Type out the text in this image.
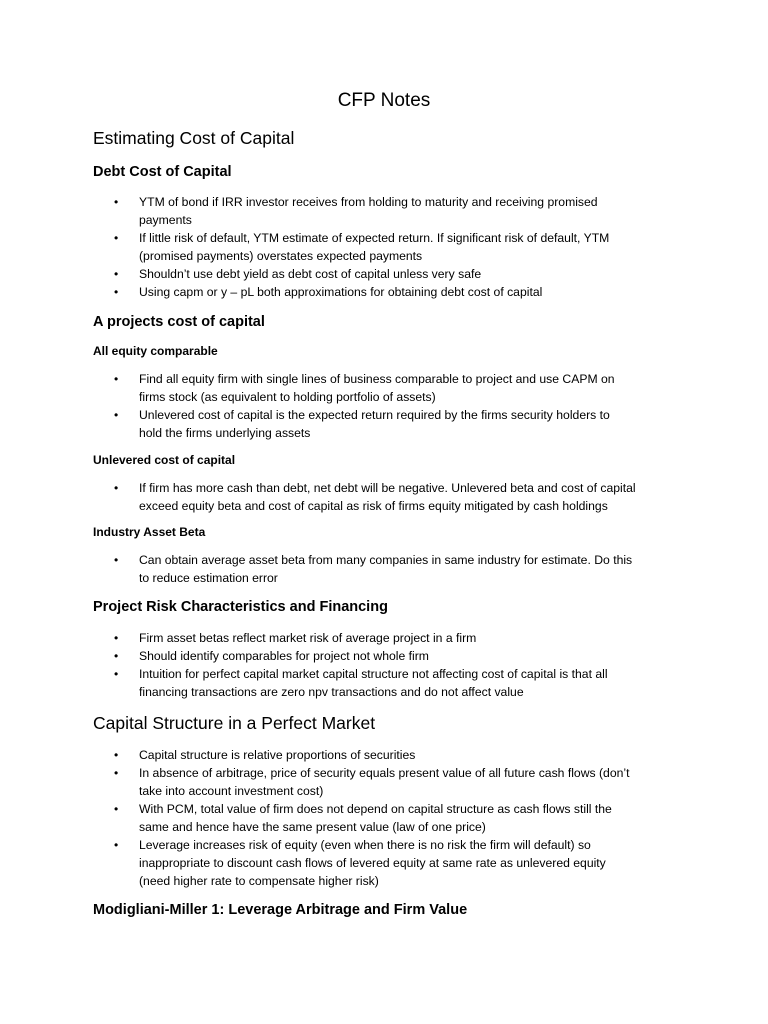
CFP Notes
Estimating Cost of Capital
Debt Cost of Capital
• YTM of bond if IRR investor receives from holding to maturity and receiving promised
payments
• If little risk of default, YTM estimate of expected return. If significant risk of default, YTM
(promised payments) overstates expected payments
• Shouldn’t use debt yield as debt cost of capital unless very safe
• Using capm or y – pL both approximations for obtaining debt cost of capital
A projects cost of capital
All equity comparable
• Find all equity firm with single lines of business comparable to project and use CAPM on
firms stock (as equivalent to holding portfolio of assets)
• Unlevered cost of capital is the expected return required by the firms security holders to
hold the firms underlying assets
Unlevered cost of capital
• If firm has more cash than debt, net debt will be negative. Unlevered beta and cost of capital
exceed equity beta and cost of capital as risk of firms equity mitigated by cash holdings
Industry Asset Beta
• Can obtain average asset beta from many companies in same industry for estimate. Do this
to reduce estimation error
Project Risk Characteristics and Financing
• Firm asset betas reflect market risk of average project in a firm
• Should identify comparables for project not whole firm
• Intuition for perfect capital market capital structure not affecting cost of capital is that all
financing transactions are zero npv transactions and do not affect value
Capital Structure in a Perfect Market
• Capital structure is relative proportions of securities
• In absence of arbitrage, price of security equals present value of all future cash flows (don’t
take into account investment cost)
• With PCM, total value of firm does not depend on capital structure as cash flows still the
same and hence have the same present value (law of one price)
• Leverage increases risk of equity (even when there is no risk the firm will default) so
inappropriate to discount cash flows of levered equity at same rate as unlevered equity
(need higher rate to compensate higher risk)
Modigliani-Miller 1: Leverage Arbitrage and Firm Value
